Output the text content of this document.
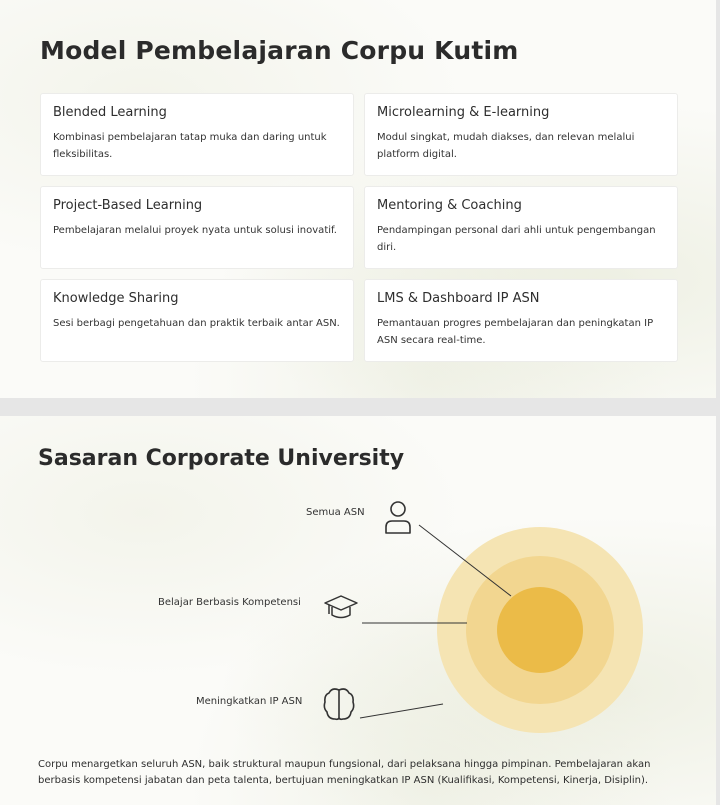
Model Pembelajaran Corpu Kutim
Blended Learning
Kombinasi pembelajaran tatap muka dan daring untuk fleksibilitas.
Microlearning & E-learning
Modul singkat, mudah diakses, dan relevan melalui platform digital.
Project-Based Learning
Pembelajaran melalui proyek nyata untuk solusi inovatif.
Mentoring & Coaching
Pendampingan personal dari ahli untuk pengembangan diri.
Knowledge Sharing
Sesi berbagi pengetahuan dan praktik terbaik antar ASN.
LMS & Dashboard IP ASN
Pemantauan progres pembelajaran dan peningkatan IP ASN secara real-time.
Sasaran Corporate University
Semua ASN
Belajar Berbasis Kompetensi
Meningkatkan IP ASN

Corpu menargetkan seluruh ASN, baik struktural maupun fungsional, dari pelaksana hingga pimpinan. Pembelajaran akan berbasis kompetensi jabatan dan peta talenta, bertujuan meningkatkan IP ASN (Kualifikasi, Kompetensi, Kinerja, Disiplin).
